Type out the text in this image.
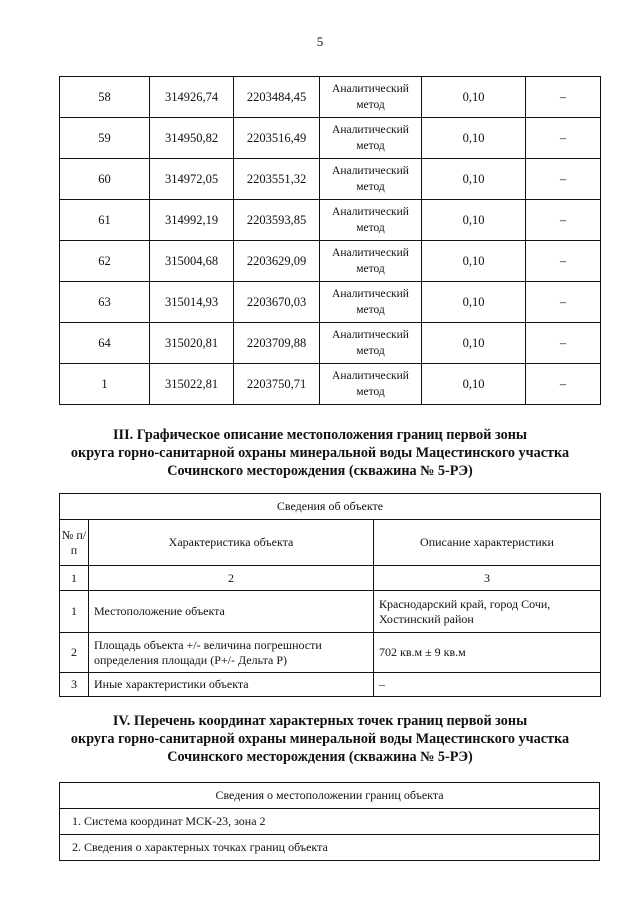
5
58	314926,74	2203484,45	Аналитический метод	0,10	–
59	314950,82	2203516,49	Аналитический метод	0,10	–
60	314972,05	2203551,32	Аналитический метод	0,10	–
61	314992,19	2203593,85	Аналитический метод	0,10	–
62	315004,68	2203629,09	Аналитический метод	0,10	–
63	315014,93	2203670,03	Аналитический метод	0,10	–
64	315020,81	2203709,88	Аналитический метод	0,10	–
1	315022,81	2203750,71	Аналитический метод	0,10	–
III. Графическое описание местоположения границ первой зоны
округа горно-санитарной охраны минеральной воды Мацестинского участка
Сочинского месторождения (скважина № 5-РЭ)
Сведения об объекте		
№ п/п	Характеристика объекта	Описание характеристики
1	2	3
1	Местоположение объекта	Краснодарский край, город Сочи, Хостинский район
2	Площадь объекта +/- величина погрешности определения площади (Р+/- Дельта Р)	702 кв.м ± 9 кв.м
3	Иные характеристики объекта	–
IV. Перечень координат характерных точек границ первой зоны
округа горно-санитарной охраны минеральной воды Мацестинского участка
Сочинского месторождения (скважина № 5-РЭ)
Сведения о местоположении границ объекта
1. Система координат МСК-23, зона 2
2. Сведения о характерных точках границ объекта
